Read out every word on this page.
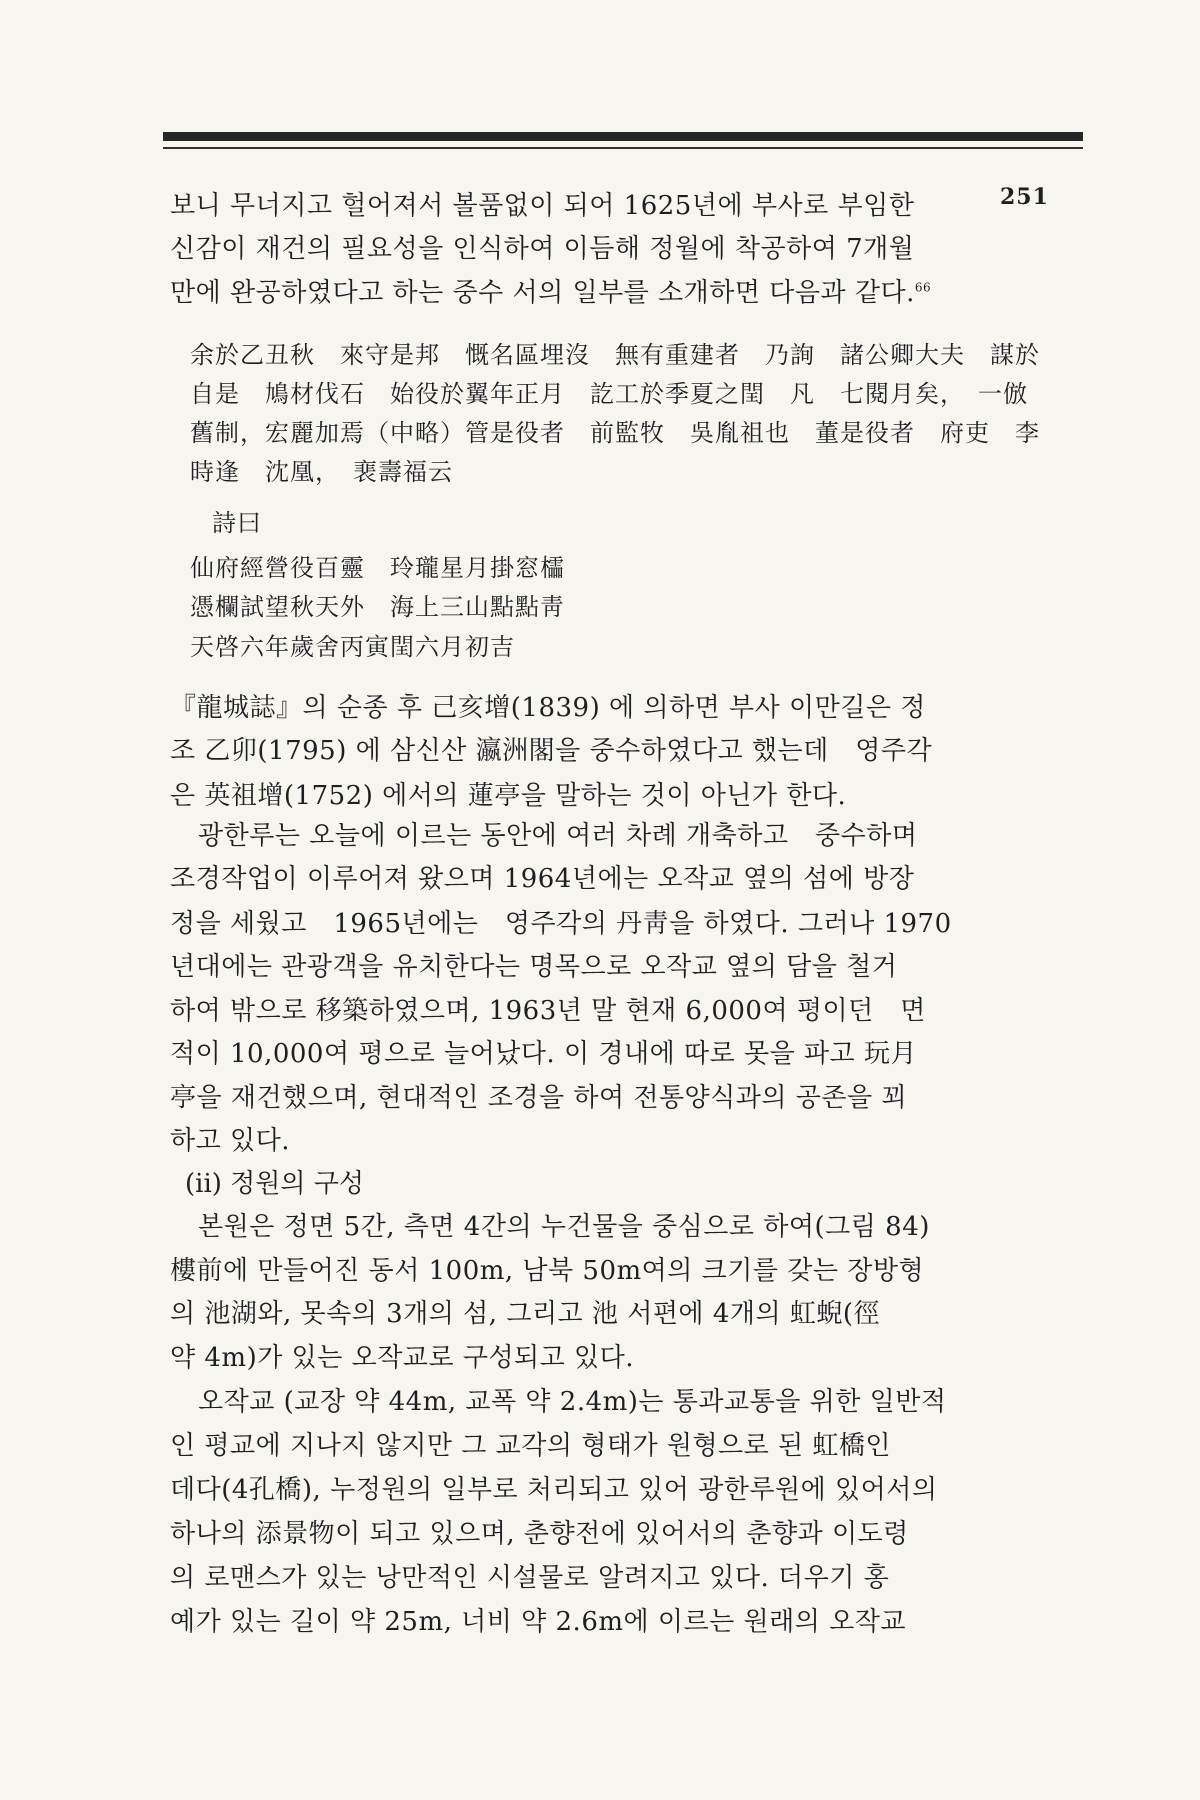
251
보니 무너지고 헐어져서 볼품없이 되어 1625년에 부사로 부임한
신감이 재건의 필요성을 인식하여 이듬해 정월에 착공하여 7개월
만에 완공하였다고 하는 중수 서의 일부를 소개하면 다음과 같다.$^{66}$
余於乙丑秋　來守是邦　慨名區埋沒　無有重建者　乃詢　諸公卿大夫　謀於
自是　鳩材伐石　始役於翼年正月　訖工於季夏之閏　凡　七閱月矣，　一倣
舊制，宏麗加焉（中略）管是役者　前監牧　吳胤祖也　董是役者　府吏　李
時逢　沈凰，　裵壽福云
詩曰
仙府經營役百靈　玲瓏星月掛窓櫺
憑欄試望秋天外　海上三山點點靑
天啓六年歲舍丙寅閏六月初吉
『龍城誌』의 순종 후 己亥增(1839) 에 의하면 부사 이만길은 정
조 乙卯(1795) 에 삼신산 瀛洲閣을 중수하였다고 했는데　영주각
은 英祖增(1752) 에서의 蓮亭을 말하는 것이 아닌가 한다.
광한루는 오늘에 이르는 동안에 여러 차례 개축하고　중수하며
조경작업이 이루어져 왔으며 1964년에는 오작교 옆의 섬에 방장
정을 세웠고　1965년에는　영주각의 丹靑을 하였다. 그러나 1970
년대에는 관광객을 유치한다는 명목으로 오작교 옆의 담을 철거
하여 밖으로 移築하였으며, 1963년 말 현재 6,000여 평이던　면
적이 10,000여 평으로 늘어났다. 이 경내에 따로 못을 파고 玩月
亭을 재건했으며, 현대적인 조경을 하여 전통양식과의 공존을 꾀
하고 있다.
(ii) 정원의 구성
본원은 정면 5간, 측면 4간의 누건물을 중심으로 하여(그림 84)
樓前에 만들어진 동서 100m, 남북 50m여의 크기를 갖는 장방형
의 池湖와, 못속의 3개의 섬, 그리고 池 서편에 4개의 虹蜺(徑
약 4m)가 있는 오작교로 구성되고 있다.
오작교 (교장 약 44m, 교폭 약 2.4m)는 통과교통을 위한 일반적
인 평교에 지나지 않지만 그 교각의 형태가 원형으로 된 虹橋인
데다(4孔橋), 누정원의 일부로 처리되고 있어 광한루원에 있어서의
하나의 添景物이 되고 있으며, 춘향전에 있어서의 춘향과 이도령
의 로맨스가 있는 낭만적인 시설물로 알려지고 있다. 더우기 홍
예가 있는 길이 약 25m, 너비 약 2.6m에 이르는 원래의 오작교
